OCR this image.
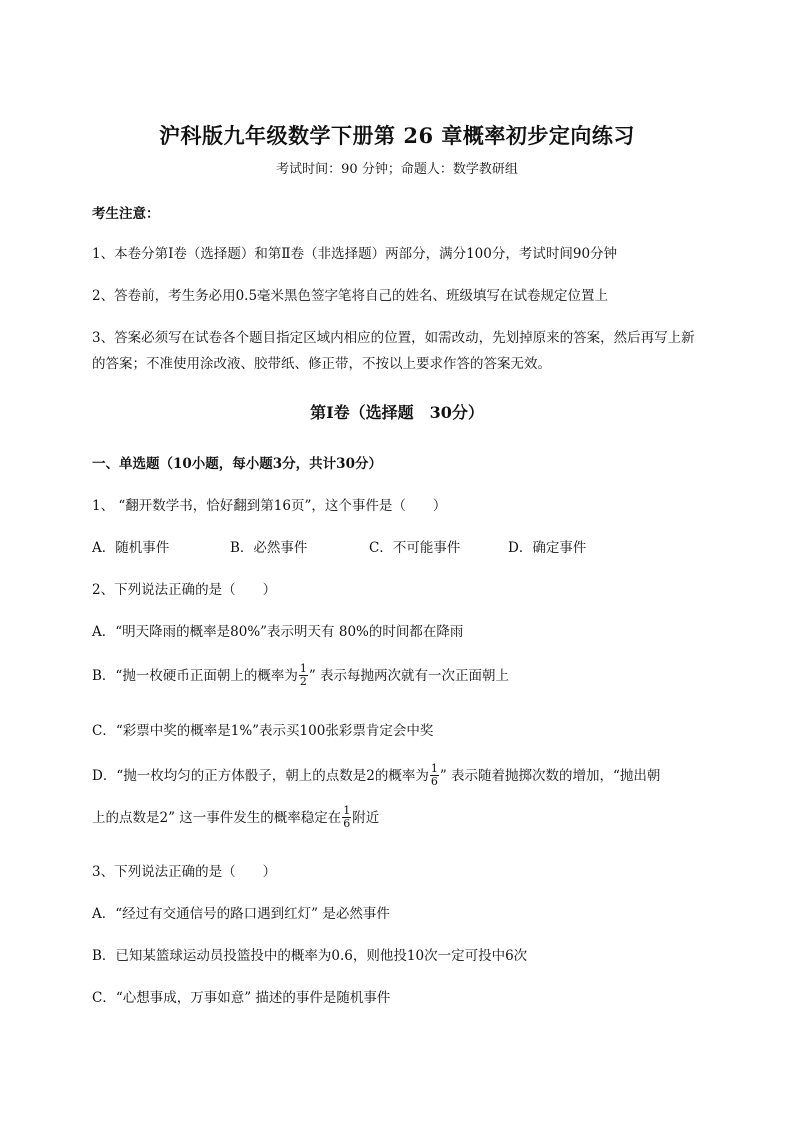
沪科版九年级数学下册第 26 章概率初步定向练习
考试时间：90 分钟；命题人：数学教研组
考生注意：
1、本卷分第Ⅰ卷（选择题）和第Ⅱ卷（非选择题）两部分，满分100分，考试时间90分钟
2、答卷前，考生务必用0.5毫米黑色签字笔将自己的姓名、班级填写在试卷规定位置上
3、答案必须写在试卷各个题目指定区域内相应的位置，如需改动，先划掉原来的答案，然后再写上新
的答案；不准使用涂改液、胶带纸、修正带，不按以上要求作答的答案无效。
第Ⅰ卷（选择题　30分）
一、单选题（10小题，每小题3分，共计30分）
1、 “翻开数学书，恰好翻到第16页”，这个事件是（　　）
A．随机事件	B．必然事件	C．不可能事件	D．确定事件
2、下列说法正确的是（　　）
A．“明天降雨的概率是80%”表示明天有 80%的时间都在降雨
B．“抛一枚硬币正面朝上的概率为 $\frac{1}{2}$ ” 表示每抛两次就有一次正面朝上
C．“彩票中奖的概率是1%”表示买100张彩票肯定会中奖
D．“抛一枚均匀的正方体骰子，朝上的点数是2的概率为 $\frac{1}{6}$ ” 表示随着抛掷次数的增加，“抛出朝
上的点数是2” 这一事件发生的概率稳定在 $\frac{1}{6}$ 附近
3、下列说法正确的是（　　）
A．“经过有交通信号的路口遇到红灯” 是必然事件
B．已知某篮球运动员投篮投中的概率为0.6，则他投10次一定可投中6次
C．“心想事成，万事如意” 描述的事件是随机事件
